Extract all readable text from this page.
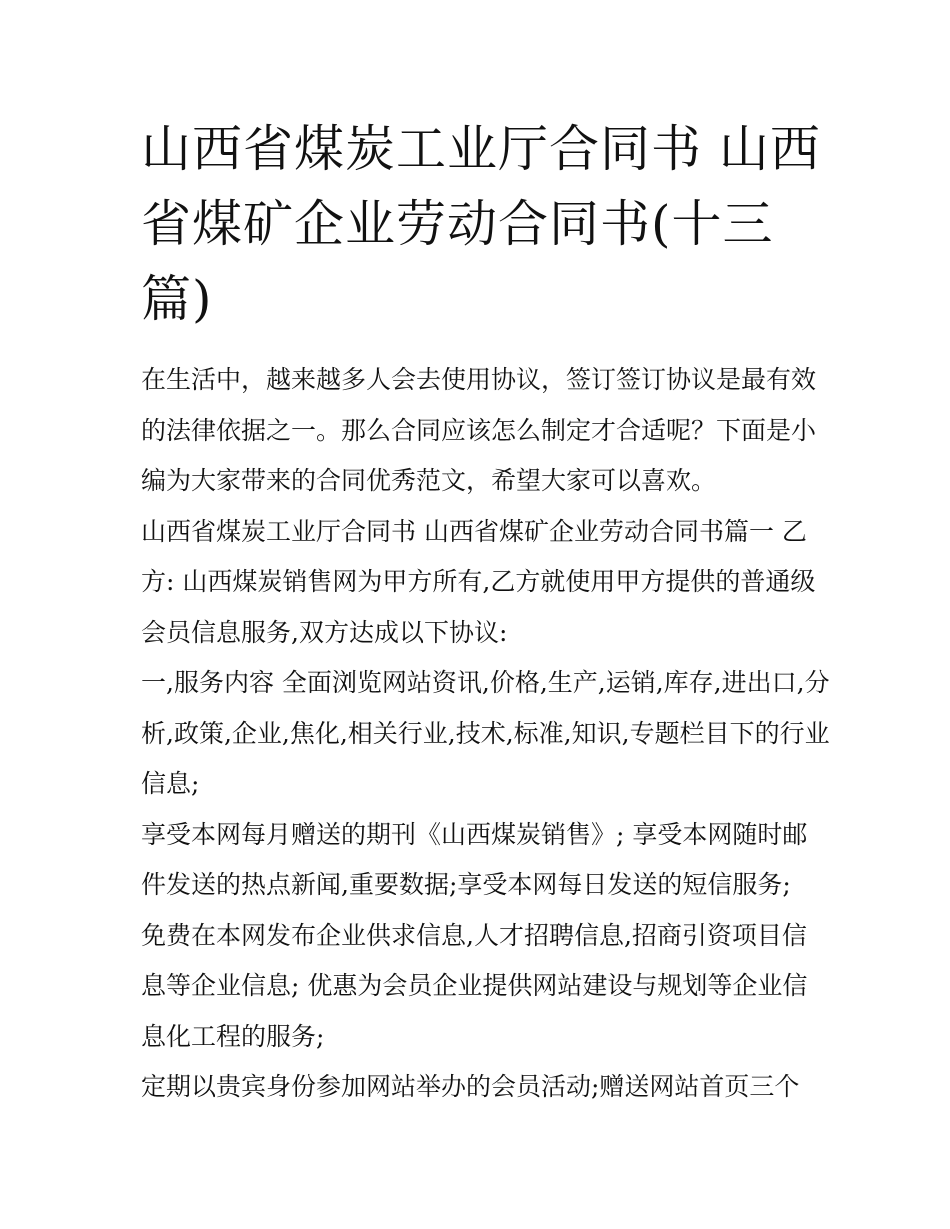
山西省煤炭工业厅合同书 山西
省煤矿企业劳动合同书(十三
篇)

在生活中，越来越多人会去使用协议，签订签订协议是最有效
的法律依据之一。那么合同应该怎么制定才合适呢？下面是小
编为大家带来的合同优秀范文，希望大家可以喜欢。

山西省煤炭工业厅合同书 山西省煤矿企业劳动合同书篇一 乙
方: 山西煤炭销售网为甲方所有,乙方就使用甲方提供的普通级
会员信息服务,双方达成以下协议:

一,服务内容 全面浏览网站资讯,价格,生产,运销,库存,进出口,分
析,政策,企业,焦化,相关行业,技术,标准,知识,专题栏目下的行业
信息;

享受本网每月赠送的期刊《山西煤炭销售》; 享受本网随时邮
件发送的热点新闻,重要数据;享受本网每日发送的短信服务;

免费在本网发布企业供求信息,人才招聘信息,招商引资项目信
息等企业信息; 优惠为会员企业提供网站建设与规划等企业信
息化工程的服务;

定期以贵宾身份参加网站举办的会员活动;赠送网站首页三个
